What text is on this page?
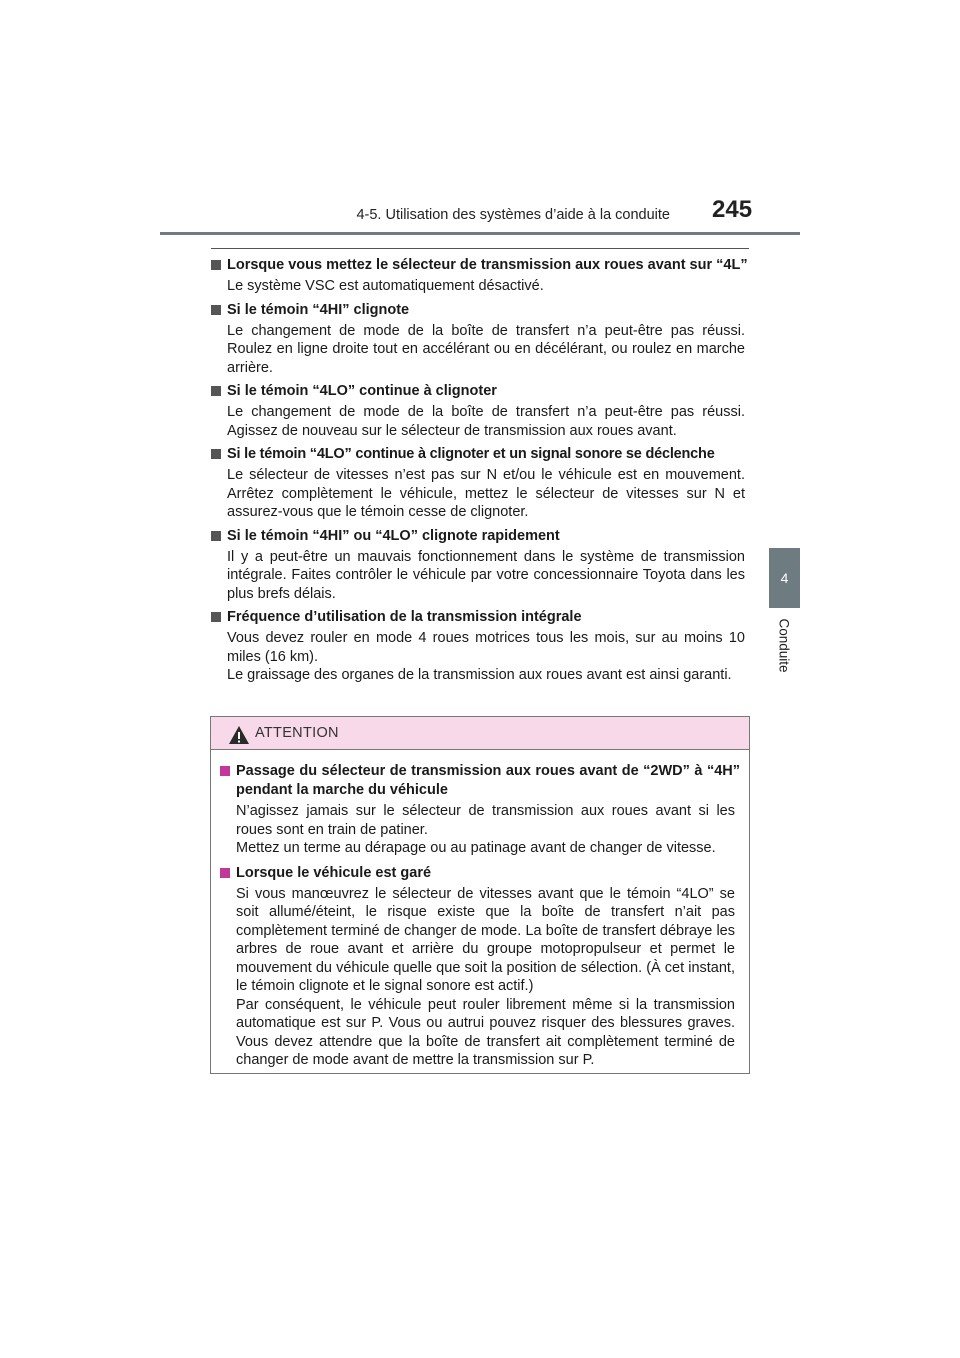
4-5. Utilisation des systèmes d’aide à la conduite 245
4
Conduite
Lorsque vous mettez le sélecteur de transmission aux roues avant sur “4L”

Le système VSC est automatiquement désactivé.

Si le témoin “4HI” clignote

Le changement de mode de la boîte de transfert n’a peut-être pas réussi. Roulez en ligne droite tout en accélérant ou en décélérant, ou roulez en marche arrière.

Si le témoin “4LO” continue à clignoter

Le changement de mode de la boîte de transfert n’a peut-être pas réussi. Agissez de nouveau sur le sélecteur de transmission aux roues avant.

Si le témoin “4LO” continue à clignoter et un signal sonore se déclenche

Le sélecteur de vitesses n’est pas sur N et/ou le véhicule est en mouvement. Arrêtez complètement le véhicule, mettez le sélecteur de vitesses sur N et assurez-vous que le témoin cesse de clignoter.

Si le témoin “4HI” ou “4LO” clignote rapidement

Il y a peut-être un mauvais fonctionnement dans le système de transmission intégrale. Faites contrôler le véhicule par votre concessionnaire Toyota dans les plus brefs délais.

Fréquence d’utilisation de la transmission intégrale

Vous devez rouler en mode 4 roues motrices tous les mois, sur au moins 10 miles (16 km).

Le graissage des organes de la transmission aux roues avant est ainsi garanti.

ATTENTION
Passage du sélecteur de transmission aux roues avant de “2WD” à “4H” pendant la marche du véhicule

N’agissez jamais sur le sélecteur de transmission aux roues avant si les roues sont en train de patiner.

Mettez un terme au dérapage ou au patinage avant de changer de vitesse.

Lorsque le véhicule est garé

Si vous manœuvrez le sélecteur de vitesses avant que le témoin “4LO” se soit allumé/éteint, le risque existe que la boîte de transfert n’ait pas complètement terminé de changer de mode. La boîte de transfert débraye les arbres de roue avant et arrière du groupe motopropulseur et permet le mouvement du véhicule quelle que soit la position de sélection. (À cet instant, le témoin clignote et le signal sonore est actif.)

Par conséquent, le véhicule peut rouler librement même si la transmission automatique est sur P. Vous ou autrui pouvez risquer des blessures graves. Vous devez attendre que la boîte de transfert ait complètement terminé de changer de mode avant de mettre la transmission sur P.
